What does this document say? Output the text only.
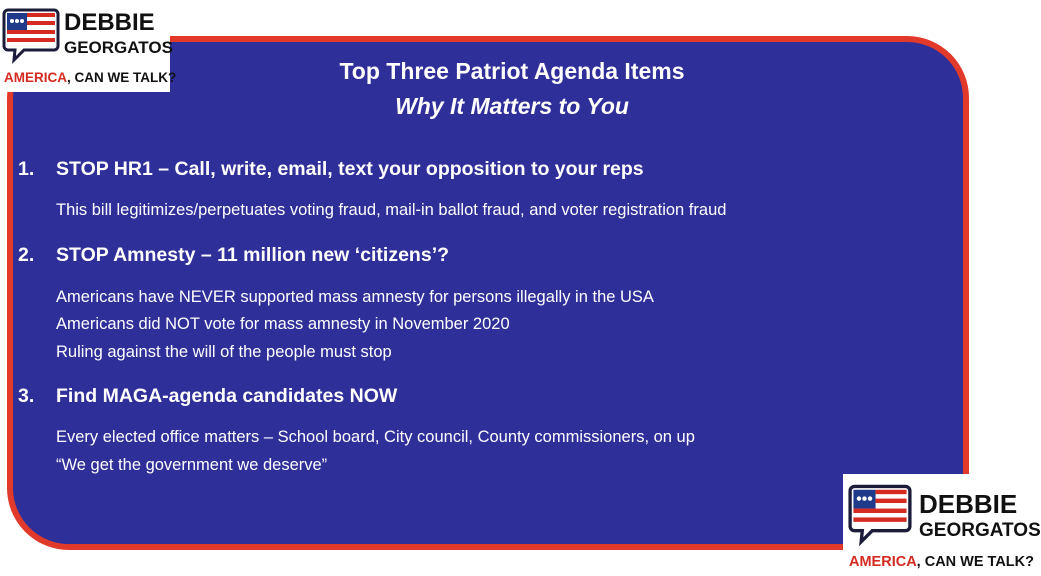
Top Three Patriot Agenda Items
Why It Matters to You
1. STOP HR1 – Call, write, email, text your opposition to your reps
This bill legitimizes/perpetuates voting fraud, mail-in ballot fraud, and voter registration fraud
2. STOP Amnesty – 11 million new ‘citizens’?
Americans have NEVER supported mass amnesty for persons illegally in the USA
Americans did NOT vote for mass amnesty in November 2020
Ruling against the will of the people must stop
3. Find MAGA-agenda candidates NOW
Every elected office matters – School board, City council, County commissioners, on up
“We get the government we deserve”
DEBBIE
GEORGATOS
AMERICA, CAN WE TALK?
DEBBIE
GEORGATOS
AMERICA, CAN WE TALK?
